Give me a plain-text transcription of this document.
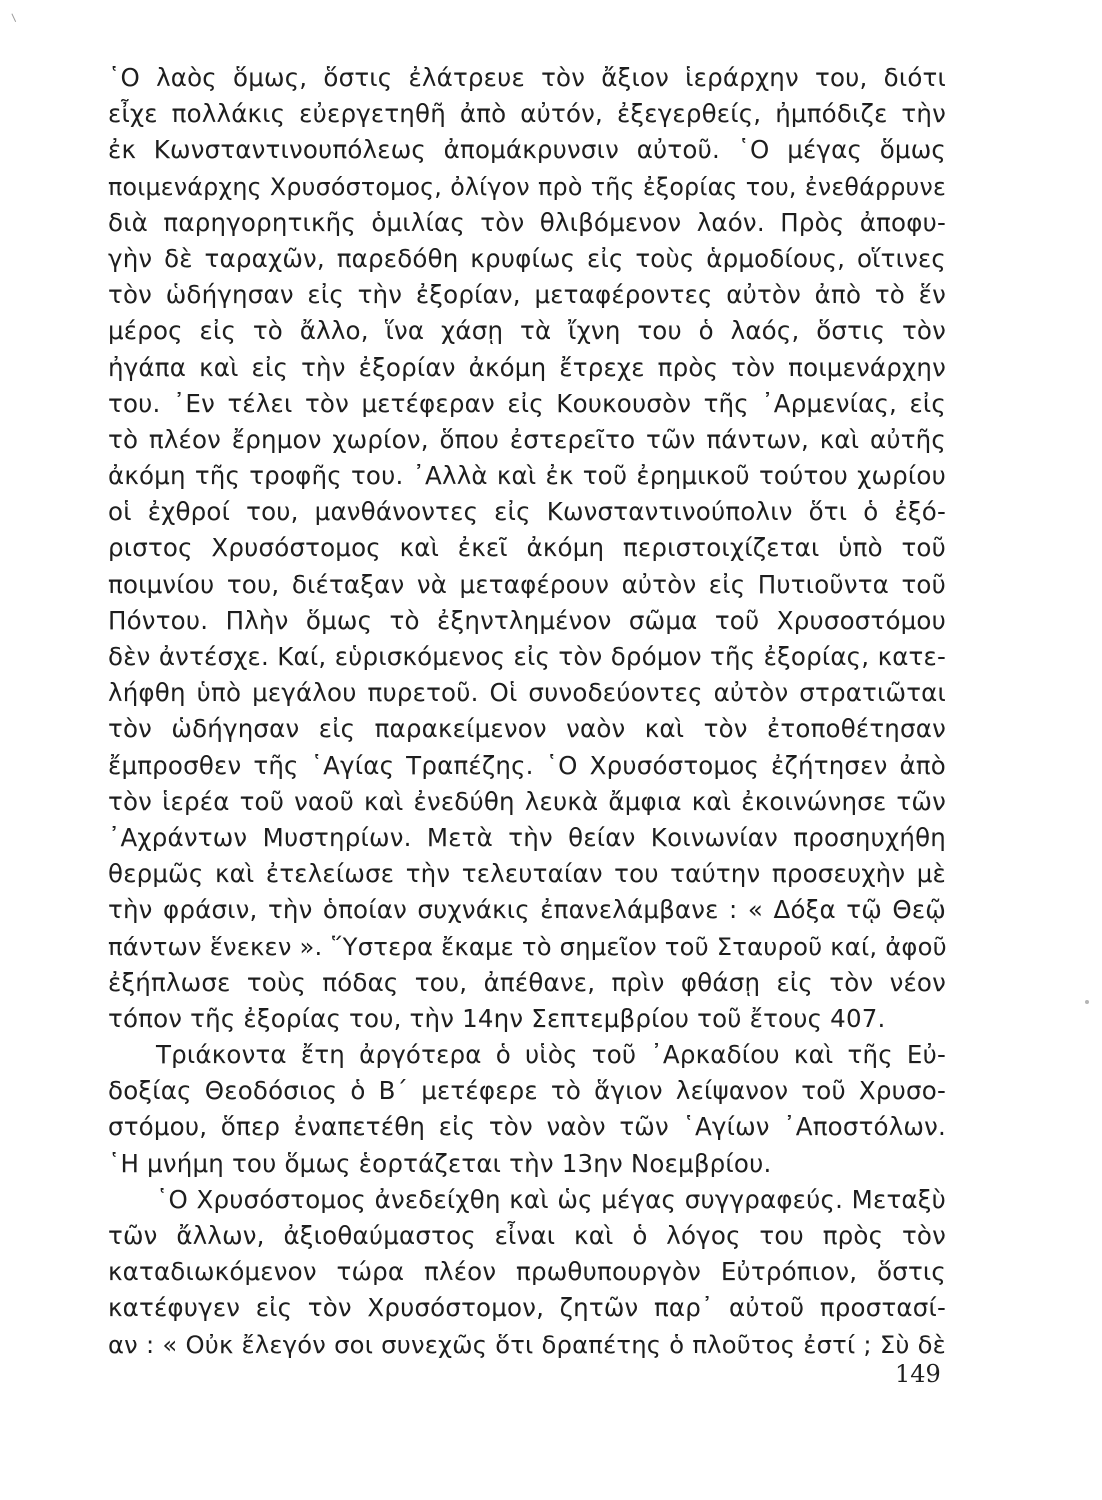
῾Ο λαὸς ὅμως, ὅστις ἐλάτρευε τὸν ἄξιον ἱεράρχην του, διότι
εἶχε πολλάκις εὐεργετηθῆ ἀπὸ αὐτόν, ἐξεγερθείς, ἠμπόδιζε τὴν
ἐκ Κωνσταντινουπόλεως ἀπομάκρυνσιν αὐτοῦ. ῾Ο μέγας ὅμως
ποιμενάρχης Χρυσόστομος, ὀλίγον πρὸ τῆς ἐξορίας του, ἐνεθάρρυνε
διὰ παρηγορητικῆς ὁμιλίας τὸν θλιβόμενον λαόν. Πρὸς ἀποφυ-
γὴν δὲ ταραχῶν, παρεδόθη κρυφίως εἰς τοὺς ἁρμοδίους, οἵτινες
τὸν ὡδήγησαν εἰς τὴν ἐξορίαν, μεταφέροντες αὐτὸν ἀπὸ τὸ ἕν
μέρος εἰς τὸ ἄλλο, ἵνα χάσῃ τὰ ἴχνη του ὁ λαός, ὅστις τὸν
ἠγάπα καὶ εἰς τὴν ἐξορίαν ἀκόμη ἔτρεχε πρὸς τὸν ποιμενάρχην
του. ᾿Εν τέλει τὸν μετέφεραν εἰς Κουκουσὸν τῆς ᾿Αρμενίας, εἰς
τὸ πλέον ἔρημον χωρίον, ὅπου ἐστερεῖτο τῶν πάντων, καὶ αὐτῆς
ἀκόμη τῆς τροφῆς του. ᾿Αλλὰ καὶ ἐκ τοῦ ἐρημικοῦ τούτου χωρίου
οἱ ἐχθροί του, μανθάνοντες εἰς Κωνσταντινούπολιν ὅτι ὁ ἐξό-
ριστος Χρυσόστομος καὶ ἐκεῖ ἀκόμη περιστοιχίζεται ὑπὸ τοῦ
ποιμνίου του, διέταξαν νὰ μεταφέρουν αὐτὸν εἰς Πυτιοῦντα τοῦ
Πόντου. Πλὴν ὅμως τὸ ἐξηντλημένον σῶμα τοῦ Χρυσοστόμου
δὲν ἀντέσχε. Καί, εὑρισκόμενος εἰς τὸν δρόμον τῆς ἐξορίας, κατε-
λήφθη ὑπὸ μεγάλου πυρετοῦ. Οἱ συνοδεύοντες αὐτὸν στρατιῶται
τὸν ὡδήγησαν εἰς παρακείμενον ναὸν καὶ τὸν ἐτοποθέτησαν
ἔμπροσθεν τῆς ῾Αγίας Τραπέζης. ῾Ο Χρυσόστομος ἐζήτησεν ἀπὸ
τὸν ἱερέα τοῦ ναοῦ καὶ ἐνεδύθη λευκὰ ἄμφια καὶ ἐκοινώνησε τῶν
᾿Αχράντων Μυστηρίων. Μετὰ τὴν θείαν Κοινωνίαν προσηυχήθη
θερμῶς καὶ ἐτελείωσε τὴν τελευταίαν του ταύτην προσευχὴν μὲ
τὴν φράσιν, τὴν ὁποίαν συχνάκις ἐπανελάμβανε : « Δόξα τῷ Θεῷ
πάντων ἕνεκεν ». ῞Υστερα ἔκαμε τὸ σημεῖον τοῦ Σταυροῦ καί, ἀφοῦ
ἐξήπλωσε τοὺς πόδας του, ἀπέθανε, πρὶν φθάσῃ εἰς τὸν νέον
τόπον τῆς ἐξορίας του, τὴν 14ην Σεπτεμβρίου τοῦ ἔτους 407.
Τριάκοντα ἔτη ἀργότερα ὁ υἱὸς τοῦ ᾿Αρκαδίου καὶ τῆς Εὐ-
δοξίας Θεοδόσιος ὁ Β΄ μετέφερε τὸ ἅγιον λείψανον τοῦ Χρυσο-
στόμου, ὅπερ ἐναπετέθη εἰς τὸν ναὸν τῶν ῾Αγίων ᾿Αποστόλων.
῾Η μνήμη του ὅμως ἑορτάζεται τὴν 13ην Νοεμβρίου.
῾Ο Χρυσόστομος ἀνεδείχθη καὶ ὡς μέγας συγγραφεύς. Μεταξὺ
τῶν ἄλλων, ἀξιοθαύμαστος εἶναι καὶ ὁ λόγος του πρὸς τὸν
καταδιωκόμενον τώρα πλέον πρωθυπουργὸν Εὐτρόπιον, ὅστις
κατέφυγεν εἰς τὸν Χρυσόστομον, ζητῶν παρ᾿ αὐτοῦ προστασί-
αν : « Οὐκ ἔλεγόν σοι συνεχῶς ὅτι δραπέτης ὁ πλοῦτος ἐστί ; Σὺ δὲ
149
